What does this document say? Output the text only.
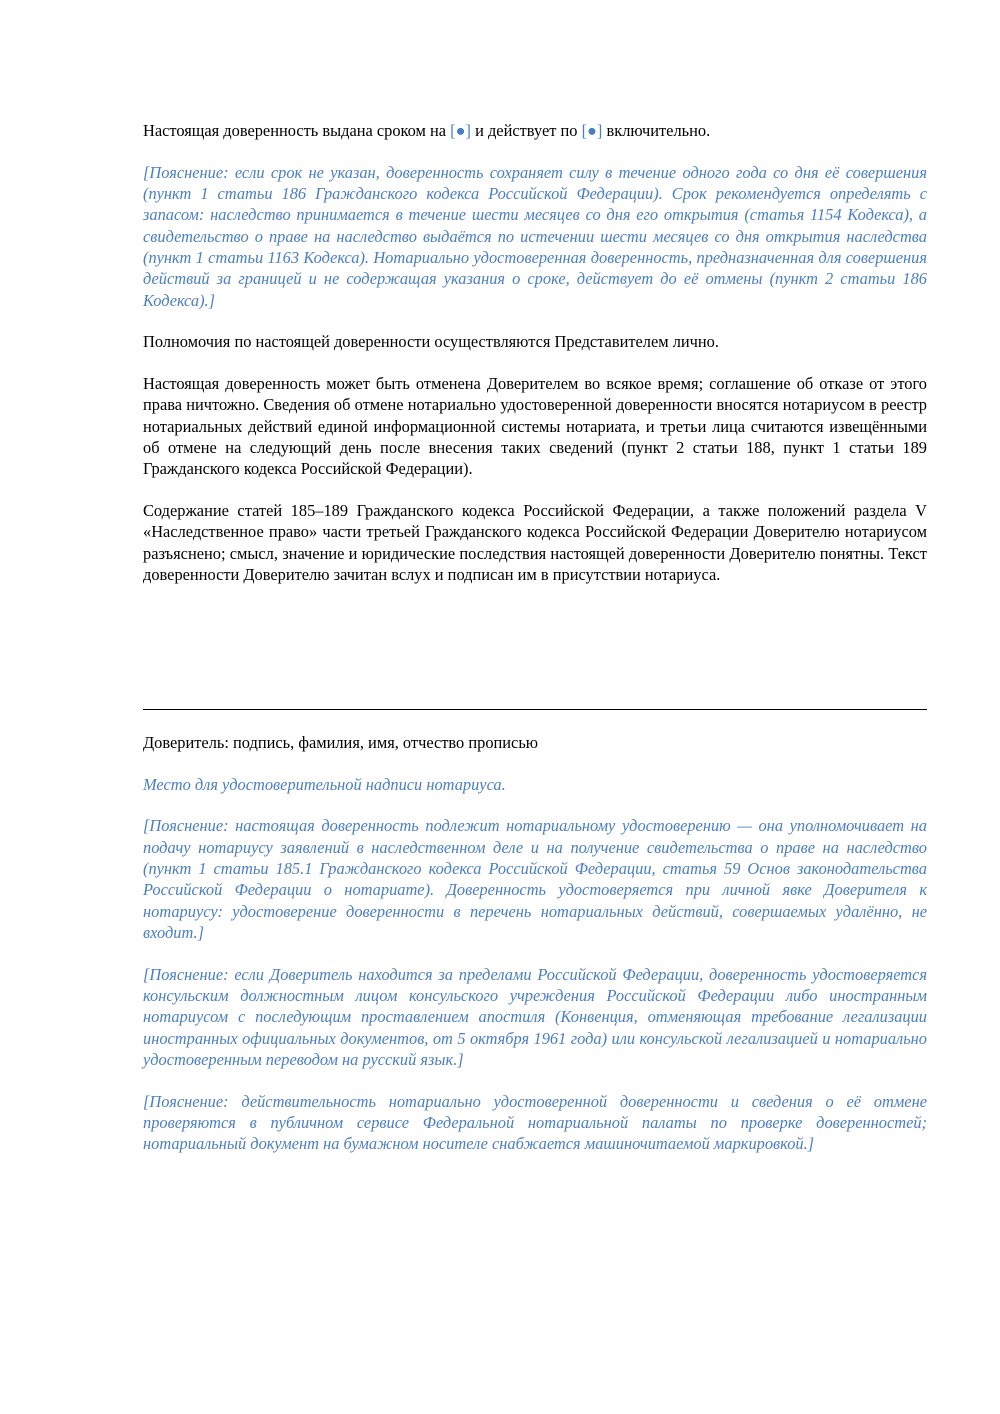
Настоящая доверенность выдана сроком на [●] и действует по [●] включительно.

[Пояснение: если срок не указан, доверенность сохраняет силу в течение одного года со дня её совершения (пункт 1 статьи 186 Гражданского кодекса Российской Федерации). Срок рекомендуется определять с запасом: наследство принимается в течение шести месяцев со дня его открытия (статья 1154 Кодекса), а свидетельство о праве на наследство выдаётся по истечении шести месяцев со дня открытия наследства (пункт 1 статьи 1163 Кодекса). Нотариально удостоверенная доверенность, предназначенная для совершения действий за границей и не содержащая указания о сроке, действует до её отмены (пункт 2 статьи 186 Кодекса).]

Полномочия по настоящей доверенности осуществляются Представителем лично.

Настоящая доверенность может быть отменена Доверителем во всякое время; соглашение об отказе от этого права ничтожно. Сведения об отмене нотариально удостоверенной доверенности вносятся нотариусом в реестр нотариальных действий единой информационной системы нотариата, и третьи лица считаются извещёнными об отмене на следующий день после внесения таких сведений (пункт 2 статьи 188, пункт 1 статьи 189 Гражданского кодекса Российской Федерации).

Содержание статей 185–189 Гражданского кодекса Российской Федерации, а также положений раздела V «Наследственное право» части третьей Гражданского кодекса Российской Федерации Доверителю нотариусом разъяснено; смысл, значение и юридические последствия настоящей доверенности Доверителю понятны. Текст доверенности Доверителю зачитан вслух и подписан им в присутствии нотариуса.

Доверитель: подпись, фамилия, имя, отчество прописью

Место для удостоверительной надписи нотариуса.

[Пояснение: настоящая доверенность подлежит нотариальному удостоверению — она уполномочивает на подачу нотариусу заявлений в наследственном деле и на получение свидетельства о праве на наследство (пункт 1 статьи 185.1 Гражданского кодекса Российской Федерации, статья 59 Основ законодательства Российской Федерации о нотариате). Доверенность удостоверяется при личной явке Доверителя к нотариусу: удостоверение доверенности в перечень нотариальных действий, совершаемых удалённо, не входит.]

[Пояснение: если Доверитель находится за пределами Российской Федерации, доверенность удостоверяется консульским должностным лицом консульского учреждения Российской Федерации либо иностранным нотариусом с последующим проставлением апостиля (Конвенция, отменяющая требование легализации иностранных официальных документов, от 5 октября 1961 года) или консульской легализацией и нотариально удостоверенным переводом на русский язык.]

[Пояснение: действительность нотариально удостоверенной доверенности и сведения о её отмене проверяются в публичном сервисе Федеральной нотариальной палаты по проверке доверенностей; нотариальный документ на бумажном носителе снабжается машиночитаемой маркировкой.]
